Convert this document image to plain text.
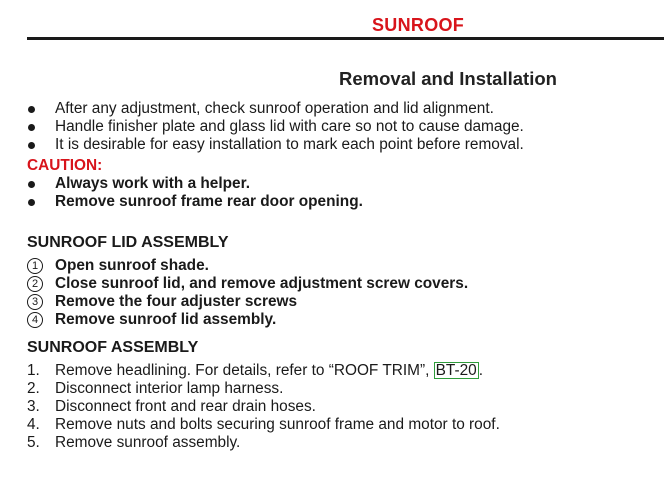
SUNROOF
Removal and Installation
After any adjustment, check sunroof operation and lid alignment.
Handle finisher plate and glass lid with care so not to cause damage.
It is desirable for easy installation to mark each point before removal.
CAUTION:
Always work with a helper.
Remove sunroof frame rear door opening.
SUNROOF LID ASSEMBLY
1	Open sunroof shade.
2	Close sunroof lid, and remove adjustment screw covers.
3	Remove the four adjuster screws
4	Remove sunroof lid assembly.
SUNROOF ASSEMBLY
1. Remove headlining. For details, refer to “ROOF TRIM”, BT-20 .
2. Disconnect interior lamp harness.
3. Disconnect front and rear drain hoses.
4. Remove nuts and bolts securing sunroof frame and motor to roof.
5. Remove sunroof assembly.
